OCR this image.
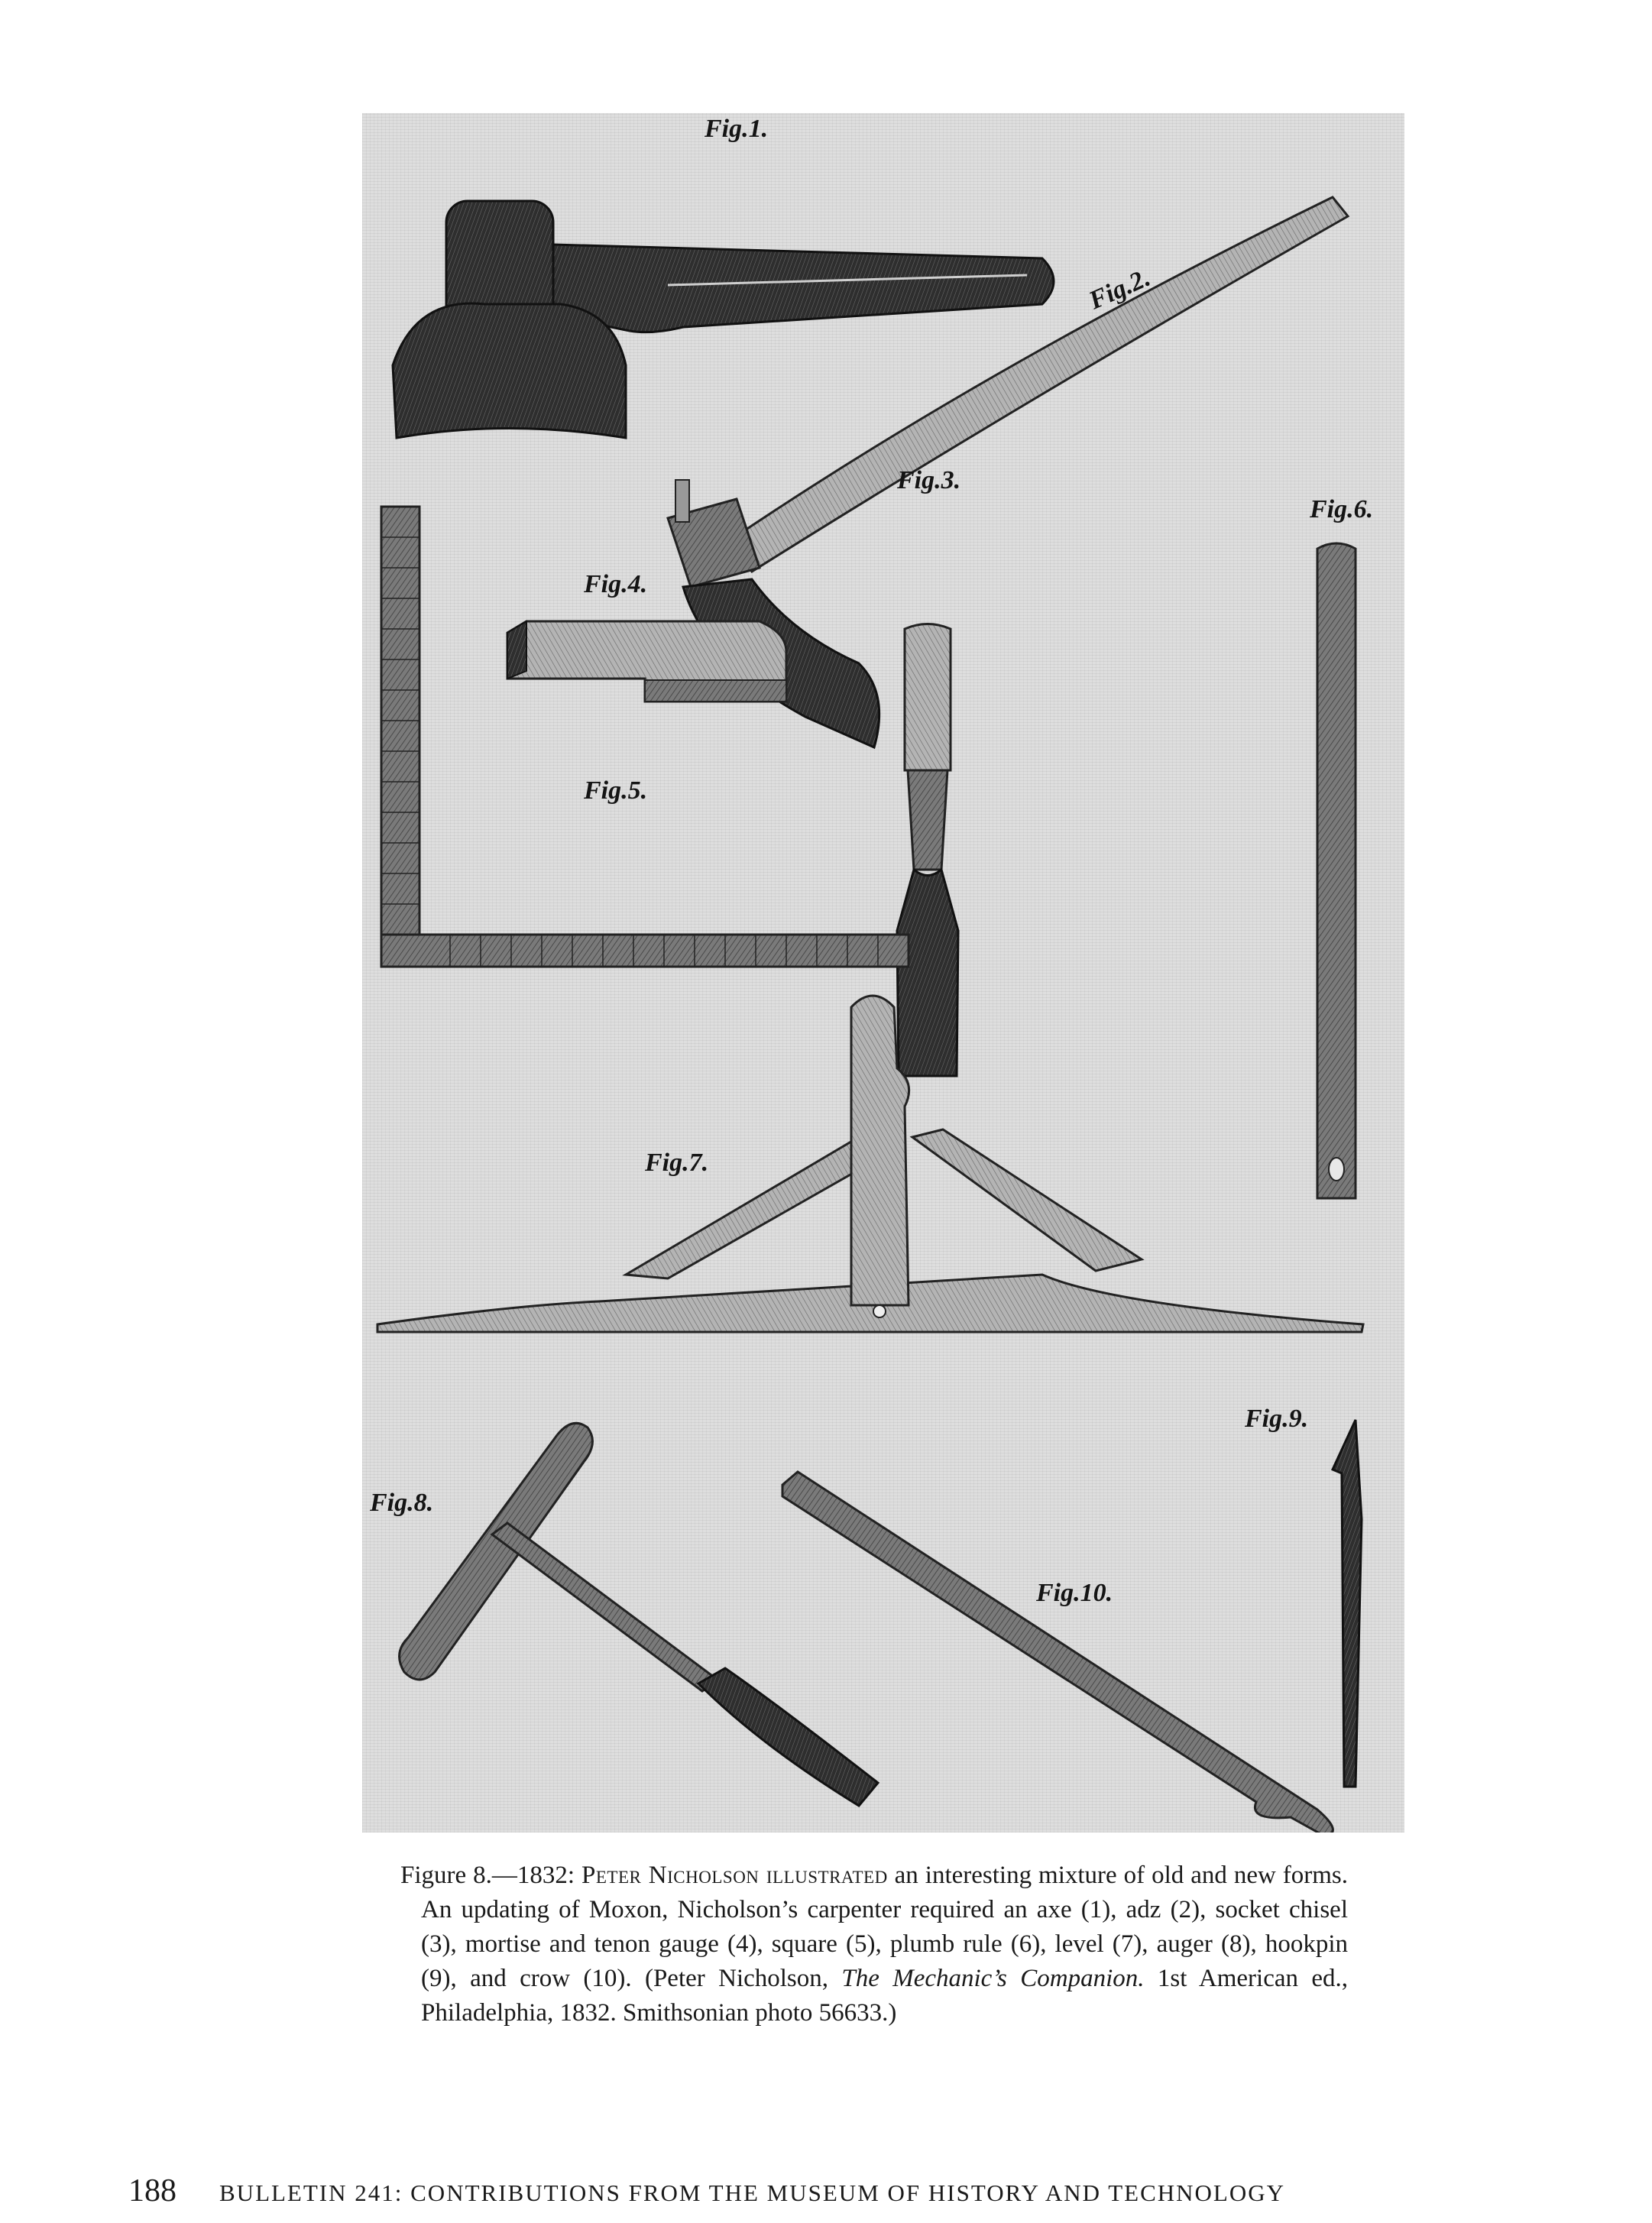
Fig.1.
Fig.2.
Fig.3.
Fig.4.
Fig.5.
Fig.6.
Fig.7.
Fig.8.
Fig.9.
Fig.10.

Figure 8.—1832: Peter Nicholson illustrated an interesting mixture of old and new forms. An updating of Moxon, Nicholson’s carpenter required an axe (1), adz (2), socket chisel (3), mortise and tenon gauge (4), square (5), plumb rule (6), level (7), auger (8), hookpin (9), and crow (10). (Peter Nicholson, The Mechanic’s Companion. 1st American ed., Philadelphia, 1832. Smithsonian photo 56633.)

188 BULLETIN 241: CONTRIBUTIONS FROM THE MUSEUM OF HISTORY AND TECHNOLOGY
